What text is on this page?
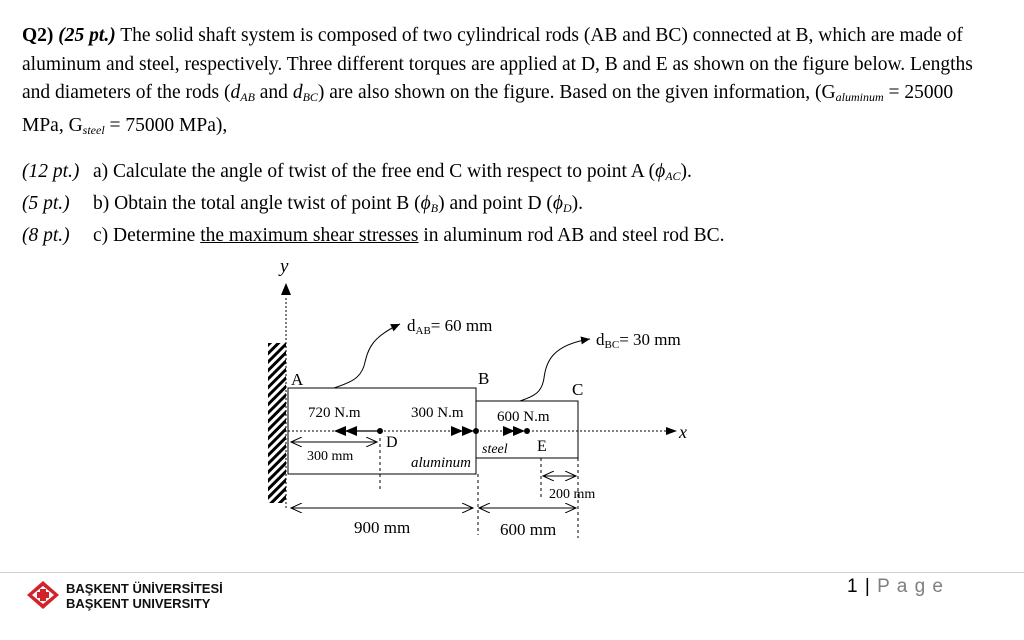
Q2) (25 pt.) The solid shaft system is composed of two cylindrical rods (AB and BC) connected at B, which are made of aluminum and steel, respectively. Three different torques are applied at D, B and E as shown on the figure below. Lengths and diameters of the rods ($d_{AB}$ and $d_{BC}$) are also shown on the figure. Based on the given information, ($G_{aluminum} = 25000$ MPa, $G_{steel} = 75000$ MPa),

(12 pt.) a) Calculate the angle of twist of the free end C with respect to point A $(\phi_{AC})$.
(5 pt.)	b) Obtain the total angle twist of point B $(\phi_B)$ and point D $(\phi_D)$.
(8 pt.)	c) Determine the maximum shear stresses in aluminum rod AB and steel rod BC.
y
x
dAB= 60 mm
dBC= 30 mm
A	B
C
720 N.m	300 N.m 600 N.m
D	E
aluminum
steel
300 mm
900 mm	600 mm
200 mm
BAŞKENT ÜNİVERSİTESİ
BAŞKENT UNIVERSITY
1 | P a g e
